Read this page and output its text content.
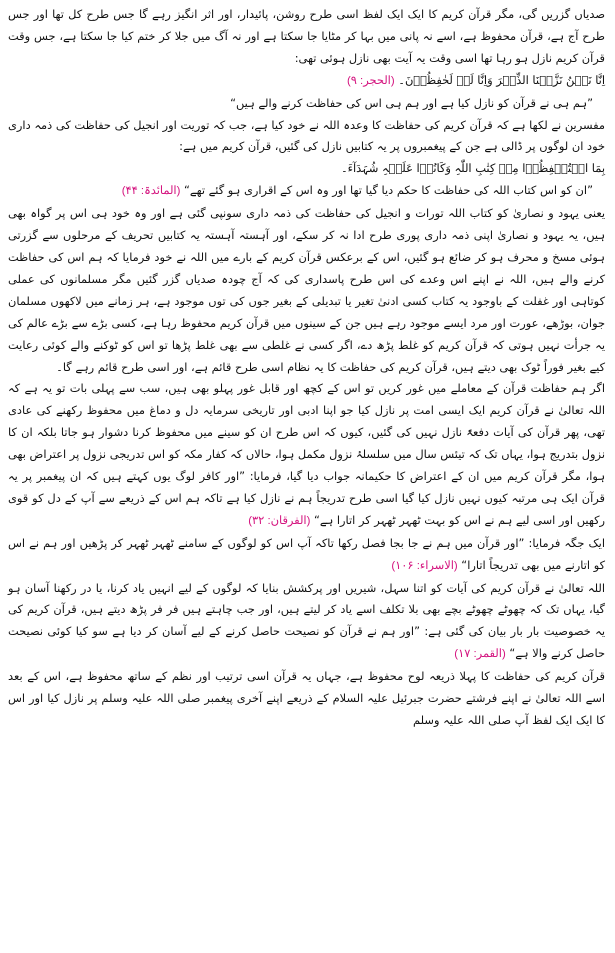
صدیاں گزریں گی، مگر قرآن کریم کا ایک ایک لفظ اسی طرح روشن، پائیدار، اور اثر انگیز رہے گا جس طرح کل تھا اور جس طرح آج ہے، قرآن محفوظ ہے، اسے نہ پانی میں بہا کر مٹایا جا سکتا ہے اور نہ آگ میں جلا کر ختم کیا جا سکتا ہے، جس وقت قرآن کریم نازل ہو رہا تھا اسی وقت یہ آیت بھی نازل ہوئی تھی:

اِنَّا نَحۡنُ نَزَّلۡنَا الذِّکۡرَ وَاِنَّا لَہٗ لَحٰفِظُوۡنَ۔ (الحجر: ۹)

”ہم ہی نے قرآن کو نازل کیا ہے اور ہم ہی اس کی حفاظت کرنے والے ہیں“

مفسرین نے لکھا ہے کہ قرآن کریم کی حفاظت کا وعدہ اللہ نے خود کیا ہے، جب کہ توریت اور انجیل کی حفاظت کی ذمہ داری خود ان لوگوں پر ڈالی ہے جن کے پیغمبروں پر یہ کتابیں نازل کی گئیں، قرآن کریم میں ہے:

بِمَا اسۡتُحۡفِظُوۡا مِنۡ کِتٰبِ اللّٰہِ وَکَانُوۡا عَلَیۡہِ شُہَدَآءَ۔

”ان کو اس کتاب اللہ کی حفاظت کا حکم دیا گیا تھا اور وہ اس کے اقراری ہو گئے تھے“ (المائدۃ: ۴۴)

یعنی یہود و نصاریٰ کو کتاب اللہ تورات و انجیل کی حفاظت کی ذمہ داری سونپی گئی ہے اور وہ خود ہی اس پر گواہ بھی ہیں، یہ یہود و نصاریٰ اپنی ذمہ داری پوری طرح ادا نہ کر سکے، اور آہستہ آہستہ یہ کتابیں تحریف کے مرحلوں سے گزرتی ہوئی مسخ و محرف ہو کر ضائع ہو گئیں، اس کے برعکس قرآن کریم کے بارے میں اللہ نے خود فرمایا کہ ہم اس کی حفاظت کرنے والے ہیں، اللہ نے اپنے اس وعدے کی اس طرح پاسداری کی کہ آج چودہ صدیاں گزر گئیں مگر مسلمانوں کی عملی کوتاہی اور غفلت کے باوجود یہ کتاب کسی ادنیٰ تغیر یا تبدیلی کے بغیر جوں کی توں موجود ہے، ہر زمانے میں لاکھوں مسلمان جوان، بوڑھے، عورت اور مرد ایسے موجود رہے ہیں جن کے سینوں میں قرآن کریم محفوظ رہا ہے، کسی بڑے سے بڑے عالم کی یہ جرأت نہیں ہوتی کہ قرآن کریم کو غلط پڑھ دے، اگر کسی نے غلطی سے بھی غلط پڑھا تو اس کو ٹوکنے والے کوئی رعایت کیے بغیر فوراً ٹوک بھی دیتے ہیں، قرآن کریم کی حفاظت کا یہ نظام اسی طرح قائم ہے، اور اسی طرح قائم رہے گا۔

اگر ہم حفاظت قرآن کے معاملے میں غور کریں تو اس کے کچھ اور قابل غور پہلو بھی ہیں، سب سے پہلی بات تو یہ ہے کہ اللہ تعالیٰ نے قرآن کریم ایک ایسی امت پر نازل کیا جو اپنا ادبی اور تاریخی سرمایہ دل و دماغ میں محفوظ رکھنے کی عادی تھی، پھر قرآن کی آیات دفعۃً نازل نہیں کی گئیں، کیوں کہ اس طرح ان کو سینے میں محفوظ کرنا دشوار ہو جاتا بلکہ ان کا نزول بتدریج ہوا، یہاں تک کہ تیئس سال میں سلسلۂ نزول مکمل ہوا، حالاں کہ کفار مکہ کو اس تدریجی نزول پر اعتراض بھی ہوا، مگر قرآن کریم میں ان کے اعتراض کا حکیمانہ جواب دیا گیا، فرمایا: ”اور کافر لوگ یوں کہتے ہیں کہ ان پیغمبر پر یہ قرآن ایک ہی مرتبہ کیوں نہیں نازل کیا گیا اسی طرح تدریجاً ہم نے نازل کیا ہے تاکہ ہم اس کے ذریعے سے آپ کے دل کو قوی رکھیں اور اسی لیے ہم نے اس کو بہت ٹھہر ٹھہر کر اتارا ہے“ (الفرقان: ۳۲)

ایک جگہ فرمایا: ”اور قرآن میں ہم نے جا بجا فصل رکھا تاکہ آپ اس کو لوگوں کے سامنے ٹھہر ٹھہر کر پڑھیں اور ہم نے اس کو اتارنے میں بھی تدریجاً اتارا“ (الاسراء: ۱۰۶)

اللہ تعالیٰ نے قرآن کریم کی آیات کو اتنا سہل، شیریں اور پرکشش بنایا کہ لوگوں کے لیے انہیں یاد کرنا، یا در رکھنا آسان ہو گیا، یہاں تک کہ چھوٹے چھوٹے بچے بھی بلا تکلف اسے یاد کر لیتے ہیں، اور جب چاہتے ہیں فر فر پڑھ دیتے ہیں، قرآن کریم کی یہ خصوصیت بار بار بیان کی گئی ہے: ”اور ہم نے قرآن کو نصیحت حاصل کرنے کے لیے آسان کر دیا ہے سو کیا کوئی نصیحت حاصل کرنے والا ہے“ (القمر: ۱۷)

قرآن کریم کی حفاظت کا پہلا ذریعہ لوح محفوظ ہے، جہاں یہ قرآن اسی ترتیب اور نظم کے ساتھ محفوظ ہے، اس کے بعد اسے اللہ تعالیٰ نے اپنے فرشتے حضرت جبرئیل علیہ السلام کے ذریعے اپنے آخری پیغمبر صلی اللہ علیہ وسلم پر نازل کیا اور اس کا ایک ایک لفظ آپ صلی اللہ علیہ وسلم
